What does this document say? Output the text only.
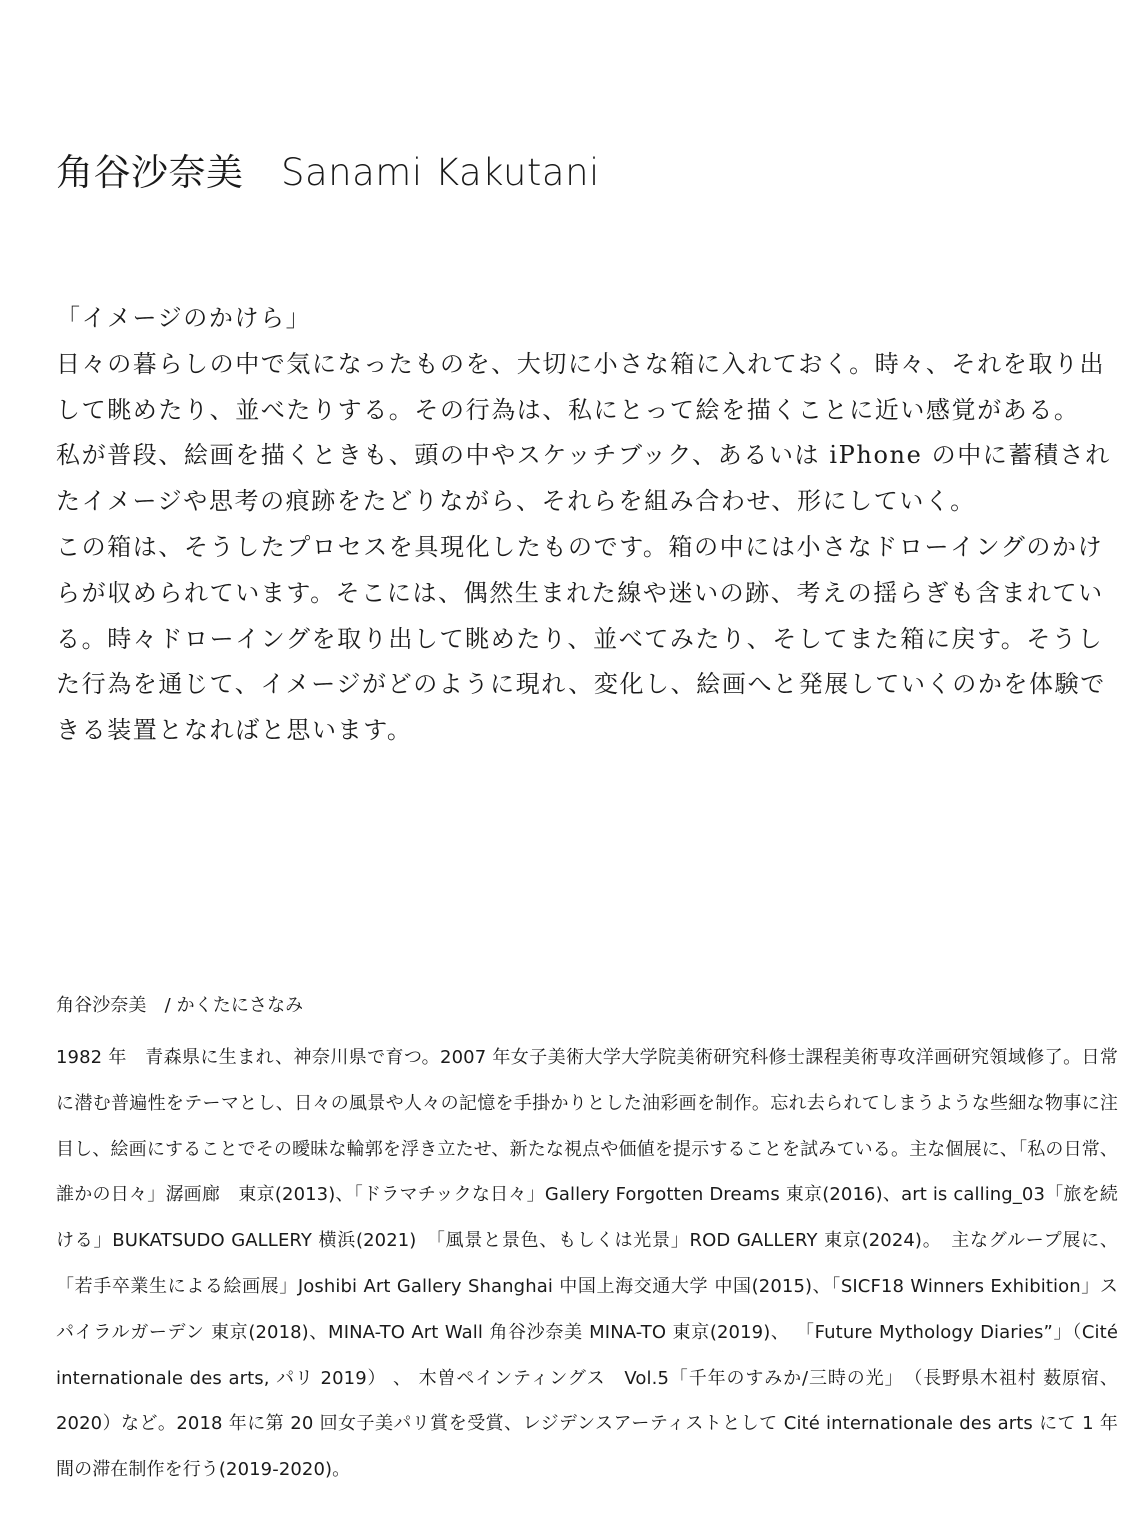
角谷沙奈美　Sanami Kakutani

「イメージのかけら」

日々の暮らしの中で気になったものを、大切に小さな箱に入れておく。時々、それを取り出して眺めたり、並べたりする。その行為は、私にとって絵を描くことに近い感覚がある。

私が普段、絵画を描くときも、頭の中やスケッチブック、あるいは iPhone の中に蓄積されたイメージや思考の痕跡をたどりながら、それらを組み合わせ、形にしていく。

この箱は、そうしたプロセスを具現化したものです。箱の中には小さなドローイングのかけらが収められています。そこには、偶然生まれた線や迷いの跡、考えの揺らぎも含まれている。時々ドローイングを取り出して眺めたり、並べてみたり、そしてまた箱に戻す。そうした行為を通じて、イメージがどのように現れ、変化し、絵画へと発展していくのかを体験できる装置となればと思います。

角谷沙奈美　/ かくたにさなみ

1982 年　青森県に生まれ、神奈川県で育つ。2007 年女子美術大学大学院美術研究科修士課程美術専攻洋画研究領域修了。日常に潜む普遍性をテーマとし、日々の風景や人々の記憶を手掛かりとした油彩画を制作。忘れ去られてしまうような些細な物事に注目し、絵画にすることでその曖昧な輪郭を浮き立たせ、新たな視点や価値を提示することを試みている。主な個展に、「私の日常、誰かの日々」潺画廊　東京(2013)、「ドラマチックな日々」Gallery Forgotten Dreams 東京(2016)、art is calling_03「旅を続ける」BUKATSUDO GALLERY 横浜(2021)　「風景と景色、もしくは光景」ROD GALLERY 東京(2024)。　主なグループ展に、「若手卒業生による絵画展」Joshibi Art Gallery Shanghai 中国上海交通大学 中国(2015)、「SICF18 Winners Exhibition」スパイラルガーデン 東京(2018)、MINA-TO Art Wall 角谷沙奈美 MINA-TO 東京(2019)、 「Future Mythology Diaries”」（Cité internationale des arts, パリ 2019） 、 木曽ペインティングス　Vol.5「千年のすみか/三時の光」　（長野県木祖村 薮原宿、2020）など。2018 年に第 20 回女子美パリ賞を受賞、レジデンスアーティストとして Cité internationale des arts にて 1 年間の滞在制作を行う(2019-2020)。
